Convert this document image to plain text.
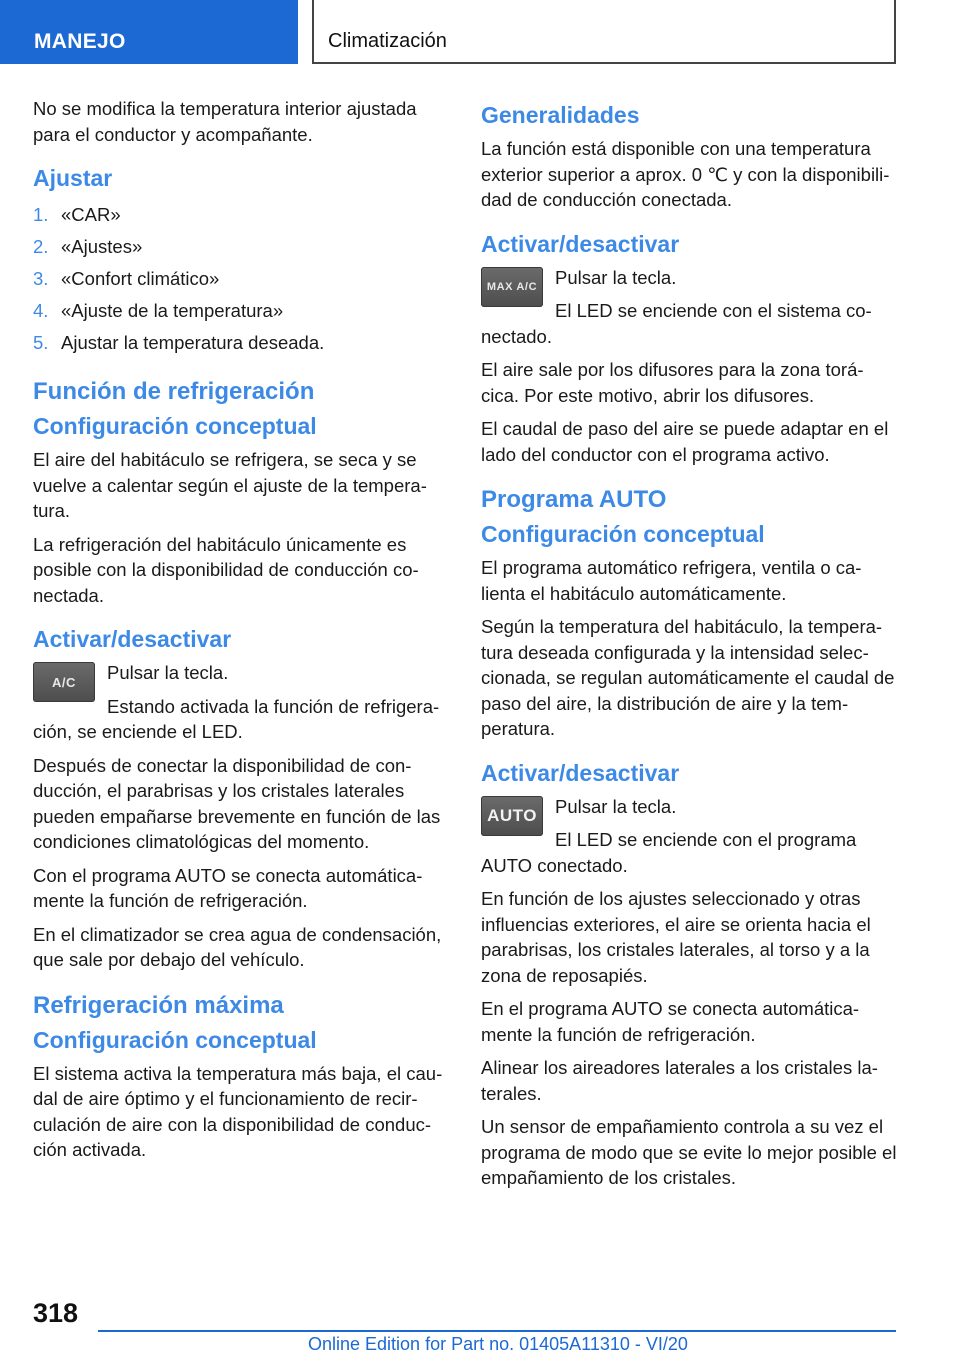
MANEJO	Climatización

No se modifica la temperatura interior ajustada para el conductor y acompañante.

Ajustar
1. «CAR»
2. «Ajustes»
3. «Confort climático»
4. «Ajuste de la temperatura»
5. Ajustar la temperatura deseada.
Función de refrigeración
Configuración conceptual

El aire del habitáculo se refrigera, se seca y se vuelve a calentar según el ajuste de la tempera-tura.

La refrigeración del habitáculo únicamente es posible con la disponibilidad de conducción co-nectada.

Activar/desactivar
A/C	Pulsar la tecla.

Estando activada la función de refrigera-ción, se enciende el LED.

Después de conectar la disponibilidad de con-ducción, el parabrisas y los cristales laterales pueden empañarse brevemente en función de las condiciones climatológicas del momento.

Con el programa AUTO se conecta automática-mente la función de refrigeración.

En el climatizador se crea agua de condensación, que sale por debajo del vehículo.

Refrigeración máxima
Configuración conceptual

El sistema activa la temperatura más baja, el cau-dal de aire óptimo y el funcionamiento de recir-culación de aire con la disponibilidad de conduc-ción activada.

Generalidades

La función está disponible con una temperatura exterior superior a aprox. 0 ℃ y con la disponibili-dad de conducción conectada.

Activar/desactivar
MAX A/C Pulsar la tecla.

El LED se enciende con el sistema co-nectado.

El aire sale por los difusores para la zona torá-cica. Por este motivo, abrir los difusores.

El caudal de paso del aire se puede adaptar en el lado del conductor con el programa activo.

Programa AUTO
Configuración conceptual

El programa automático refrigera, ventila o ca-lienta el habitáculo automáticamente.

Según la temperatura del habitáculo, la tempera-tura deseada configurada y la intensidad selec-cionada, se regulan automáticamente el caudal de paso del aire, la distribución de aire y la tem-peratura.

Activar/desactivar
AUTO Pulsar la tecla.

El LED se enciende con el programa AUTO conectado.

En función de los ajustes seleccionado y otras influencias exteriores, el aire se orienta hacia el parabrisas, los cristales laterales, al torso y a la zona de reposapiés.

En el programa AUTO se conecta automática-mente la función de refrigeración.

Alinear los aireadores laterales a los cristales la-terales.

Un sensor de empañamiento controla a su vez el programa de modo que se evite lo mejor posible el empañamiento de los cristales.

318
Online Edition for Part no. 01405A11310 - VI/20
